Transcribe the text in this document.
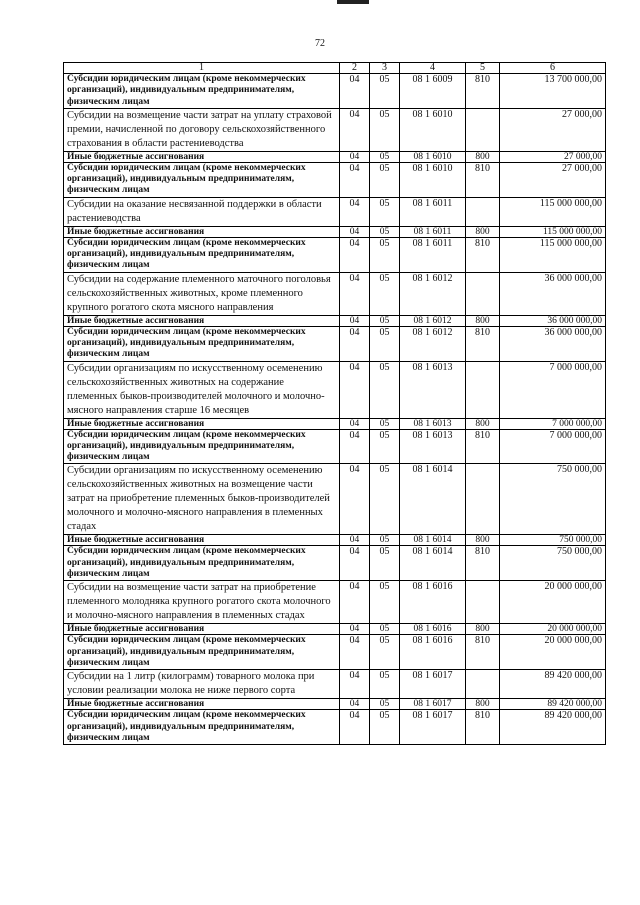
72
1	2	3	4	5	6
Субсидии юридическим лицам (кроме некоммерческих организаций), индивидуальным предпринимателям, физическим лицам	04	05	08 1 6009	810	13 700 000,00
Субсидии на возмещение части затрат на уплату страховой премии, начисленной по договору сельскохозяйственного страхования в области растениеводства	04	05	08 1 6010		27 000,00
Иные бюджетные ассигнования	04	05	08 1 6010	800	27 000,00
Субсидии юридическим лицам (кроме некоммерческих организаций), индивидуальным предпринимателям, физическим лицам	04	05	08 1 6010	810	27 000,00
Субсидии на оказание несвязанной поддержки в области растениеводства	04	05	08 1 6011		115 000 000,00
Иные бюджетные ассигнования	04	05	08 1 6011	800	115 000 000,00
Субсидии юридическим лицам (кроме некоммерческих организаций), индивидуальным предпринимателям, физическим лицам	04	05	08 1 6011	810	115 000 000,00
Субсидии на содержание племенного маточного поголовья сельскохозяйственных животных, кроме племенного крупного рогатого скота мясного направления	04	05	08 1 6012		36 000 000,00
Иные бюджетные ассигнования	04	05	08 1 6012	800	36 000 000,00
Субсидии юридическим лицам (кроме некоммерческих организаций), индивидуальным предпринимателям, физическим лицам	04	05	08 1 6012	810	36 000 000,00
Субсидии организациям по искусственному осеменению сельскохозяйственных животных на содержание племенных быков-производителей молочного и молочно-мясного направления старше 16 месяцев	04	05	08 1 6013		7 000 000,00
Иные бюджетные ассигнования	04	05	08 1 6013	800	7 000 000,00
Субсидии юридическим лицам (кроме некоммерческих организаций), индивидуальным предпринимателям, физическим лицам	04	05	08 1 6013	810	7 000 000,00
Субсидии организациям по искусственному осеменению сельскохозяйственных животных на возмещение части затрат на приобретение племенных быков-производителей молочного и молочно-мясного направления в племенных стадах	04	05	08 1 6014		750 000,00
Иные бюджетные ассигнования	04	05	08 1 6014	800	750 000,00
Субсидии юридическим лицам (кроме некоммерческих организаций), индивидуальным предпринимателям, физическим лицам	04	05	08 1 6014	810	750 000,00
Субсидии на возмещение части затрат на приобретение племенного молодняка крупного рогатого скота молочного и молочно-мясного направления в племенных стадах	04	05	08 1 6016		20 000 000,00
Иные бюджетные ассигнования	04	05	08 1 6016	800	20 000 000,00
Субсидии юридическим лицам (кроме некоммерческих организаций), индивидуальным предпринимателям, физическим лицам	04	05	08 1 6016	810	20 000 000,00
Субсидии на 1 литр (килограмм) товарного молока при условии реализации молока не ниже первого сорта	04	05	08 1 6017		89 420 000,00
Иные бюджетные ассигнования	04	05	08 1 6017	800	89 420 000,00
Субсидии юридическим лицам (кроме некоммерческих организаций), индивидуальным предпринимателям, физическим лицам	04	05	08 1 6017	810	89 420 000,00
